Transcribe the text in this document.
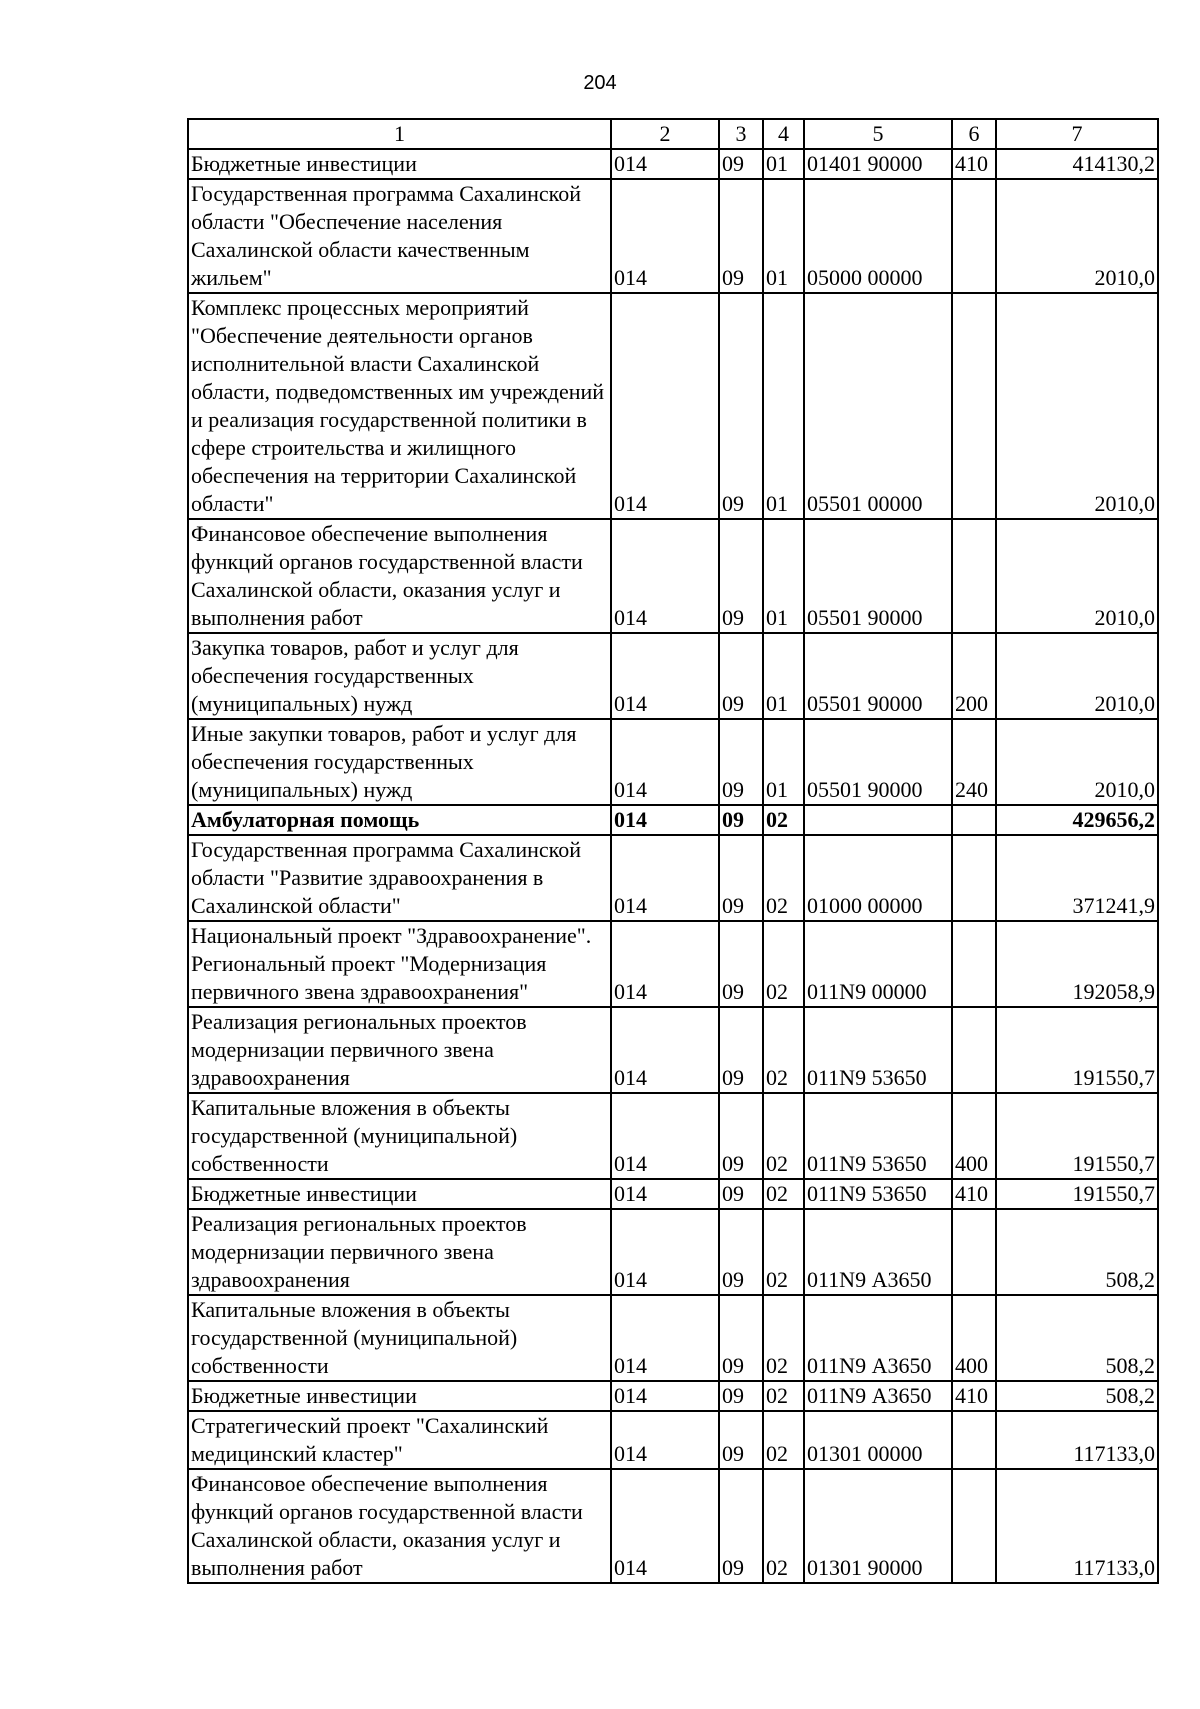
204
1	2	3	4	5	6	7
Бюджетные инвестиции	014	09	01	01401 90000	410	414130,2
Государственная программа Сахалинской области "Обеспечение населения Сахалинской области качественным жильем"	014	09	01	05000 00000		2010,0
Комплекс процессных мероприятий "Обеспечение деятельности органов исполнительной власти Сахалинской области, подведомственных им учреждений и реализация государственной политики в сфере строительства и жилищного обеспечения на территории Сахалинской области"	014	09	01	05501 00000		2010,0
Финансовое обеспечение выполнения функций органов государственной власти Сахалинской области, оказания услуг и выполнения работ	014	09	01	05501 90000		2010,0
Закупка товаров, работ и услуг для обеспечения государственных (муниципальных) нужд	014	09	01	05501 90000	200	2010,0
Иные закупки товаров, работ и услуг для обеспечения государственных (муниципальных) нужд	014	09	01	05501 90000	240	2010,0
Амбулаторная помощь	014	09	02			429656,2
Государственная программа Сахалинской области "Развитие здравоохранения в Сахалинской области"	014	09	02	01000 00000		371241,9
Национальный проект "Здравоохранение". Региональный проект "Модернизация первичного звена здравоохранения"	014	09	02	011N9 00000		192058,9
Реализация региональных проектов модернизации первичного звена здравоохранения	014	09	02	011N9 53650		191550,7
Капитальные вложения в объекты государственной (муниципальной) собственности	014	09	02	011N9 53650	400	191550,7
Бюджетные инвестиции	014	09	02	011N9 53650	410	191550,7
Реализация региональных проектов модернизации первичного звена здравоохранения	014	09	02	011N9 А3650		508,2
Капитальные вложения в объекты государственной (муниципальной) собственности	014	09	02	011N9 А3650	400	508,2
Бюджетные инвестиции	014	09	02	011N9 А3650	410	508,2
Стратегический проект "Сахалинский медицинский кластер"	014	09	02	01301 00000		117133,0
Финансовое обеспечение выполнения функций органов государственной власти Сахалинской области, оказания услуг и выполнения работ	014	09	02	01301 90000		117133,0
